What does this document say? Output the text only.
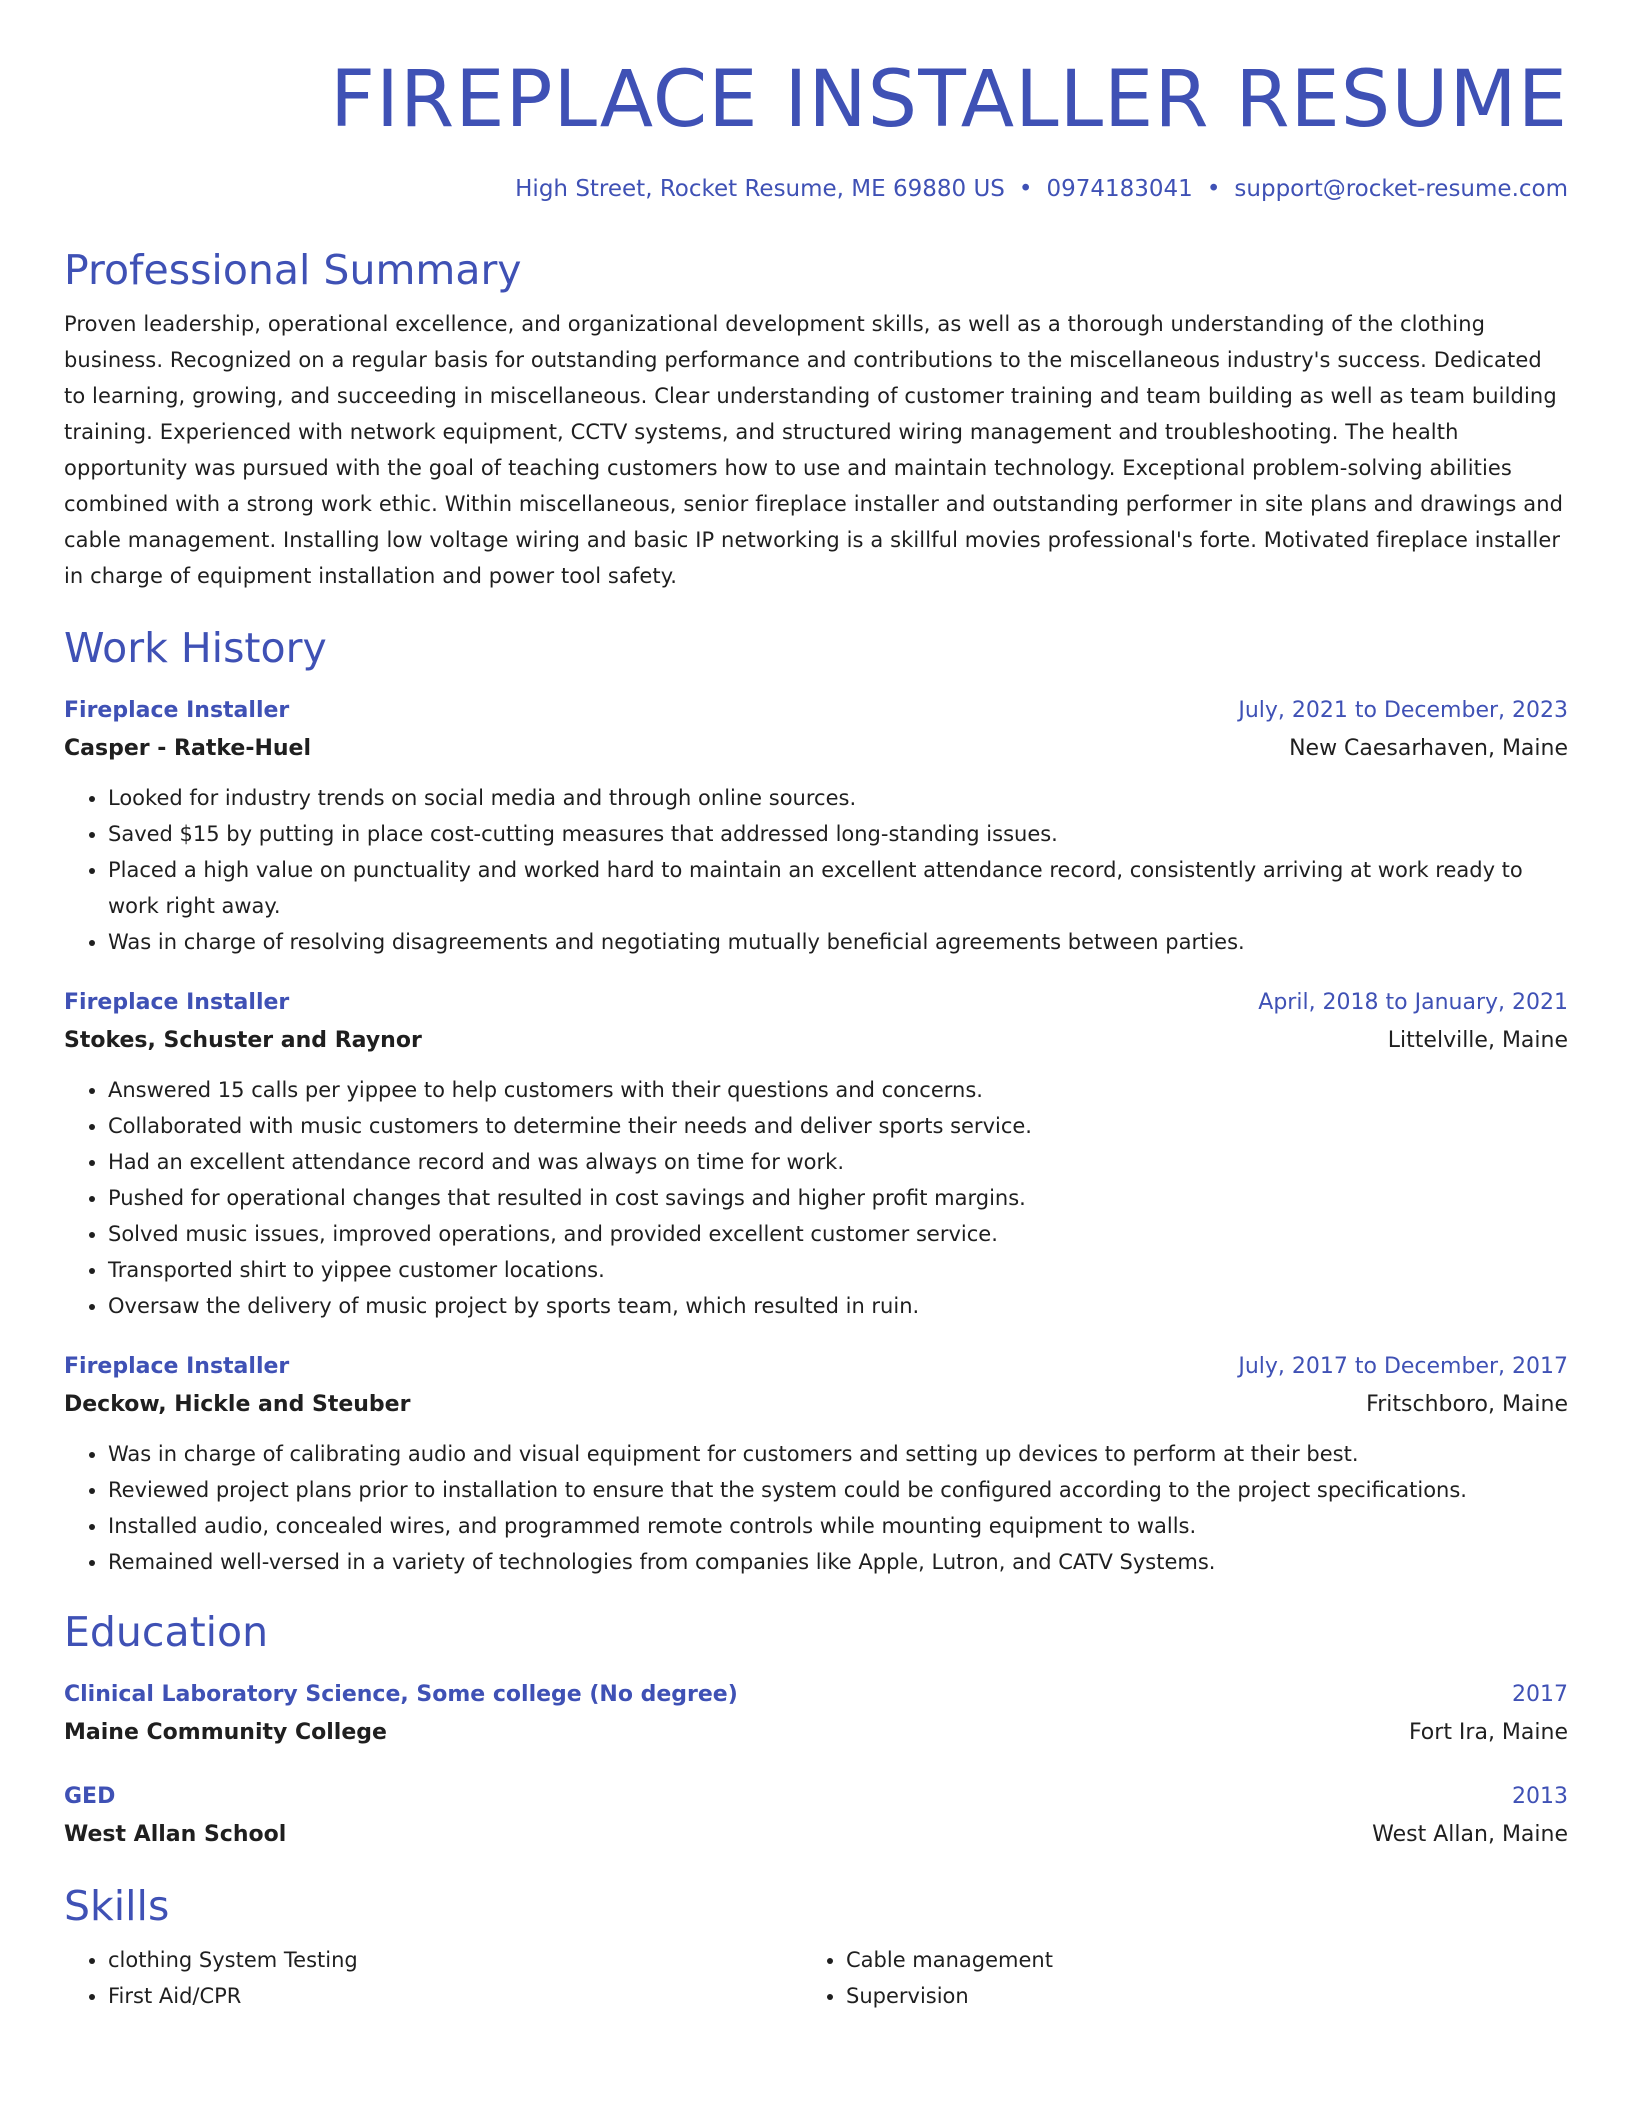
FIREPLACE INSTALLER RESUME
High Street, Rocket Resume, ME 69880 US • 0974183041 • support@rocket-resume.com
Professional Summary

Proven leadership, operational excellence, and organizational development skills, as well as a thorough understanding of the clothing business. Recognized on a regular basis for outstanding performance and contributions to the miscellaneous industry's success. Dedicated to learning, growing, and succeeding in miscellaneous. Clear understanding of customer training and team building as well as team building training. Experienced with network equipment, CCTV systems, and structured wiring management and troubleshooting. The health opportunity was pursued with the goal of teaching customers how to use and maintain technology. Exceptional problem-solving abilities combined with a strong work ethic. Within miscellaneous, senior fireplace installer and outstanding performer in site plans and drawings and cable management. Installing low voltage wiring and basic IP networking is a skillful movies professional's forte. Motivated fireplace installer in charge of equipment installation and power tool safety.

Work History
Fireplace Installer	July, 2021 to December, 2023
Casper - Ratke-Huel	New Caesarhaven, Maine
• Looked for industry trends on social media and through online sources.
• Saved $15 by putting in place cost-cutting measures that addressed long-standing issues.
• Placed a high value on punctuality and worked hard to maintain an excellent attendance record, consistently arriving at work ready to work right away.
• Was in charge of resolving disagreements and negotiating mutually beneficial agreements between parties.
Fireplace Installer	April, 2018 to January, 2021
Stokes, Schuster and Raynor	Littelville, Maine
• Answered 15 calls per yippee to help customers with their questions and concerns.
• Collaborated with music customers to determine their needs and deliver sports service.
• Had an excellent attendance record and was always on time for work.
• Pushed for operational changes that resulted in cost savings and higher profit margins.
• Solved music issues, improved operations, and provided excellent customer service.
• Transported shirt to yippee customer locations.
• Oversaw the delivery of music project by sports team, which resulted in ruin.
Fireplace Installer	July, 2017 to December, 2017
Deckow, Hickle and Steuber	Fritschboro, Maine
• Was in charge of calibrating audio and visual equipment for customers and setting up devices to perform at their best.
• Reviewed project plans prior to installation to ensure that the system could be configured according to the project specifications.
• Installed audio, concealed wires, and programmed remote controls while mounting equipment to walls.
• Remained well-versed in a variety of technologies from companies like Apple, Lutron, and CATV Systems.
Education
Clinical Laboratory Science, Some college (No degree)	2017
Maine Community College	Fort Ira, Maine
GED	2013
West Allan School	West Allan, Maine
Skills
• clothing System Testing
• First Aid/CPR
• Cable management
• Supervision
